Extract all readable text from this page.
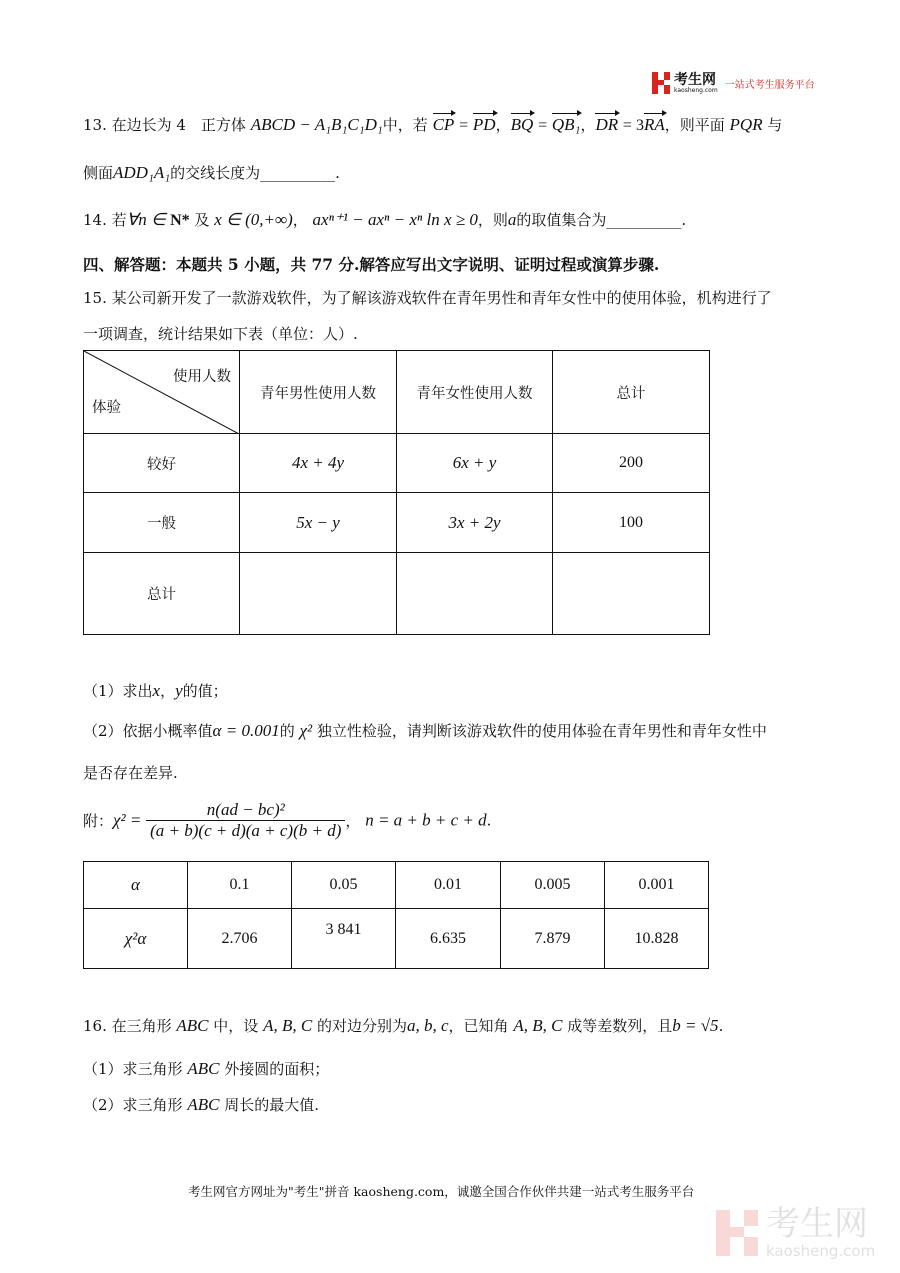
考生网
kaosheng.com 一站式考生服务平台
13. 在边长为 4　正方体 ABCD − A₁B₁C₁D₁中，若 CP = PD，BQ = QB₁，DR = 3RA，则平面 PQR 与
侧面ADD₁A₁的交线长度为__________.
14. 若∀n ∈ N* 及 x ∈ (0,+∞)， axⁿ⁺¹ − axⁿ − xⁿ ln x ≥ 0，则a的取值集合为__________.
四、解答题：本题共 5 小题，共 77 分.解答应写出文字说明、证明过程或演算步骤.
15. 某公司新开发了一款游戏软件，为了解该游戏软件在青年男性和青年女性中的使用体验，机构进行了
一项调查，统计结果如下表（单位：人）.
使用人数
体验	青年男性使用人数	青年女性使用人数	总计
较好	4x + 4y	6x + y	200
一般	5x − y	3x + 2y	100
总计			
（1）求出x，y的值；
（2）依据小概率值α = 0.001的 χ² 独立性检验，请判断该游戏软件的使用体验在青年男性和青年女性中
是否存在差异.
附：$\chi^2 = \frac{\text{n(ad − bc)²}}{(a + b)(c + d)(a + c)(b + d)}$ ， n = a + b + c + d.
α	0.1	0.05	0.01	0.005	0.001
χ²α	2.706	3 841	6.635	7.879	10.828
16. 在三角形 ABC 中，设 A, B, C 的对边分别为a, b, c，已知角 A, B, C 成等差数列，且b = √5.
（1）求三角形 ABC 外接圆的面积；
（2）求三角形 ABC 周长的最大值.
考生网官方网址为"考生"拼音 kaosheng.com，诚邀全国合作伙伴共建一站式考生服务平台
考生网
kaosheng.com
